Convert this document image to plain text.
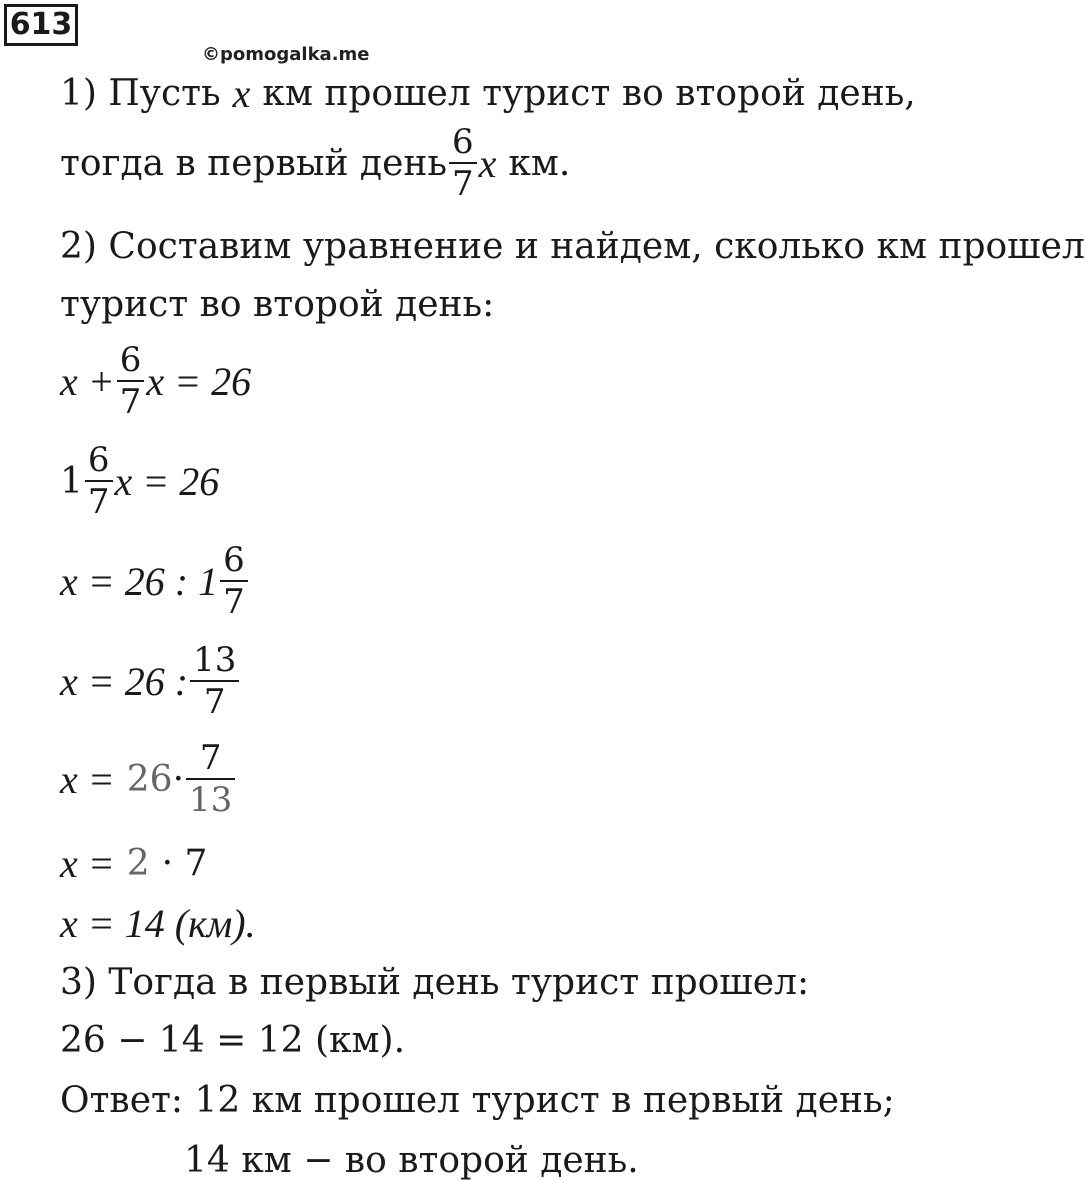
613
©pomogalka.me
1) Пусть x км прошел турист во второй день,
тогда в первый день $\frac{6}{7}$ x км.
2) Составим уравнение и найдем, сколько км прошел
турист во второй день:
$x + \frac{6}{7}$ x = 26
$1 \frac{6}{7}$ x = 26
x = 26 : $1 \frac{6}{7}$
x = 26 : $\frac{13}{7}$
$x = 26 \cdot \frac{7}{13}$
x = 2 · 7
x = 14 (км).
3) Тогда в первый день турист прошел:
26 − 14 = 12 (км).
Ответ: 12 км прошел турист в первый день;
14 км − во второй день.
